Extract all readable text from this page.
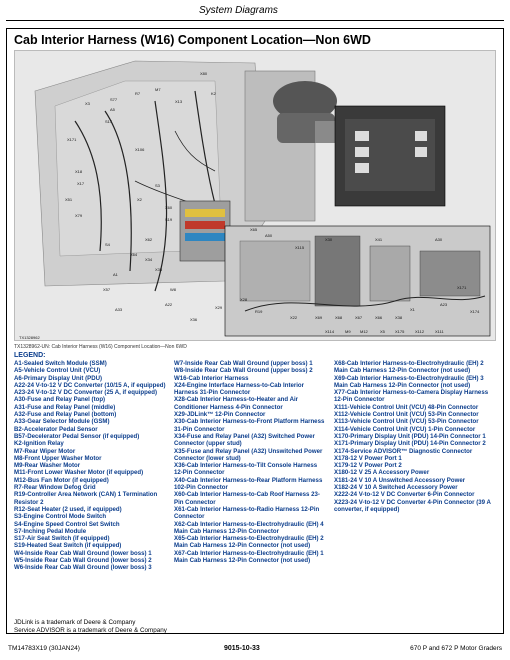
System Diagrams
Cab Interior Harness (W16) Component Location—Non 6WD
X80
S77
R7
M7
X3	X13
K2
X171
A5
S17
X18
X17
X79
X51
S19
X106
S3
X2
X60
X62
X64
X34
X35
A1
S4
X57	W8
A33
A22
X36
X29
X28
X65
A50
X115
X30	X41	A30
R19
X22	X69	X68	X67	X66	X38
X1
A23
X174
X171
X114	M9 M12	X5	X175	X112	X111
TX1328962
TX1328962-UN: Cab Interior Harness (W16) Component Location—Non 6WD
LEGEND:

A1-Sealed Switch Module (SSM)

A5-Vehicle Control Unit (VCU)

A6-Primary Display Unit (PDU)

A22-24 V-to-12 V DC Converter (10/15 A, if equipped)

A23-24 V-to-12 V DC Converter (25 A, if equipped)

A30-Fuse and Relay Panel (top)

A31-Fuse and Relay Panel (middle)

A32-Fuse and Relay Panel (bottom)

A33-Gear Selector Module (GSM)

B2-Accelerator Pedal Sensor

B57-Decelerator Pedal Sensor (if equipped)

K2-Ignition Relay

M7-Rear Wiper Motor

M8-Front Upper Washer Motor

M9-Rear Washer Motor

M11-Front Lower Washer Motor (if equipped)

M12-Bus Fan Motor (if equipped)

R7-Rear Window Defog Grid

R19-Controller Area Network (CAN) 1 Termination Resistor 2

R12-Seat Heater (2 used, if equipped)

S3-Engine Control Mode Switch

S4-Engine Speed Control Set Switch

S7-Inching Pedal Module

S17-Air Seat Switch (if equipped)

S19-Heated Seat Switch (if equipped)

W4-Inside Rear Cab Wall Ground (lower boss) 1

W5-Inside Rear Cab Wall Ground (lower boss) 2

W6-Inside Rear Cab Wall Ground (lower boss) 3

W7-Inside Rear Cab Wall Ground (upper boss) 1

W8-Inside Rear Cab Wall Ground (upper boss) 2

W16-Cab Interior Harness

X24-Engine Interface Harness-to-Cab Interior Harness 31-Pin Connector

X28-Cab Interior Harness-to-Heater and Air Conditioner Harness 4-Pin Connector

X29-JDLink™ 12-Pin Connector

X30-Cab Interior Harness-to-Front Platform Harness 31-Pin Connector

X34-Fuse and Relay Panel (A32) Switched Power Connector (upper stud)

X35-Fuse and Relay Panel (A32) Unswitched Power Connector (lower stud)

X36-Cab Interior Harness-to-Tilt Console Harness 12-Pin Connector

X40-Cab Interior Harness-to-Rear Platform Harness 102-Pin Connector

X60-Cab Interior Harness-to-Cab Roof Harness 23-Pin Connector

X61-Cab Interior Harness-to-Radio Harness 12-Pin Connector

X62-Cab Interior Harness-to-Electrohydraulic (EH) 4 Main Cab Harness 12-Pin Connector

X65-Cab Interior Harness-to-Electrohydraulic (EH) 2 Main Cab Harness 12-Pin Connector (not used)

X67-Cab Interior Harness-to-Electrohydraulic (EH) 1 Main Cab Harness 12-Pin Connector (not used)

X68-Cab Interior Harness-to-Electrohydraulic (EH) 2 Main Cab Harness 12-Pin Connector (not used)

X69-Cab Interior Harness-to-Electrohydraulic (EH) 3 Main Cab Harness 12-Pin Connector (not used)

X77-Cab Interior Harness-to-Camera Display Harness 12-Pin Connector

X111-Vehicle Control Unit (VCU) 48-Pin Connector

X112-Vehicle Control Unit (VCU) 53-Pin Connector

X113-Vehicle Control Unit (VCU) 53-Pin Connector

X114-Vehicle Control Unit (VCU) 1-Pin Connector

X170-Primary Display Unit (PDU) 14-Pin Connector 1

X171-Primary Display Unit (PDU) 14-Pin Connector 2

X174-Service ADVISOR™ Diagnostic Connector

X178-12 V Power Port 1

X179-12 V Power Port 2

X180-12 V 25 A Accessory Power

X181-24 V 10 A Unswitched Accessory Power

X182-24 V 10 A Switched Accessory Power

X222-24 V-to-12 V DC Converter 6-Pin Connector

X223-24 V-to-12 V DC Converter 4-Pin Connector (39 A converter, if equipped)

JDLink is a trademark of Deere & Company
Service ADVISOR is a trademark of Deere & Company
TM14783X19 (30JAN24)	9015-10-33	670 P and 672 P Motor Graders
